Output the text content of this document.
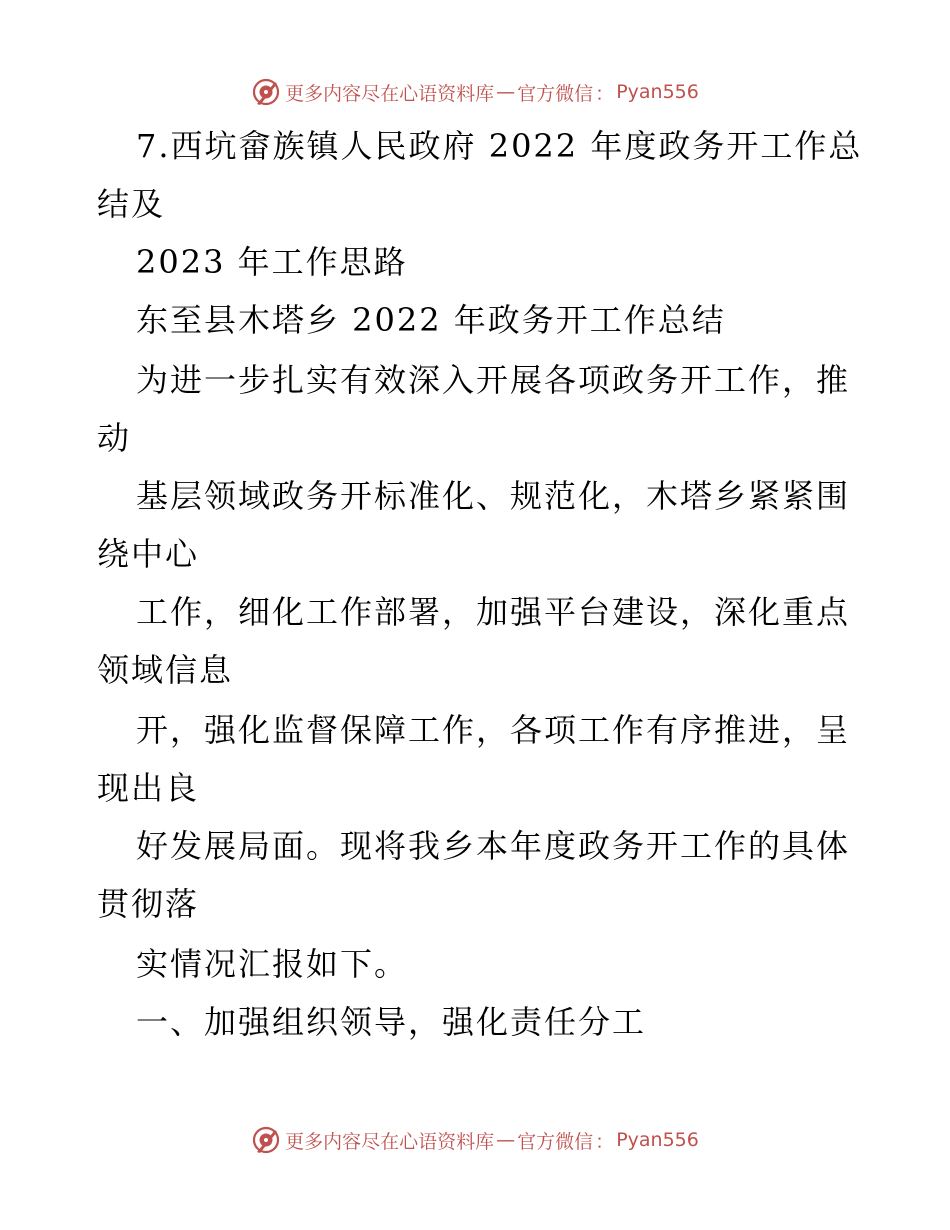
更多内容尽在心语资料库 — 官方微信 ： Pyan556
7.西坑畲族镇人民政府 2022 年度政务开工作总
结及
2023 年工作思路
东至县木塔乡 2022 年政务开工作总结
为进一步扎实有效深入开展各项政务开工作，推
动
基层领域政务开标准化、规范化，木塔乡紧紧围
绕中心
工作，细化工作部署，加强平台建设，深化重点
领域信息
开，强化监督保障工作，各项工作有序推进，呈
现出良
好发展局面。现将我乡本年度政务开工作的具体
贯彻落
实情况汇报如下。
一、加强组织领导，强化责任分工
更多内容尽在心语资料库 — 官方微信 ： Pyan556
